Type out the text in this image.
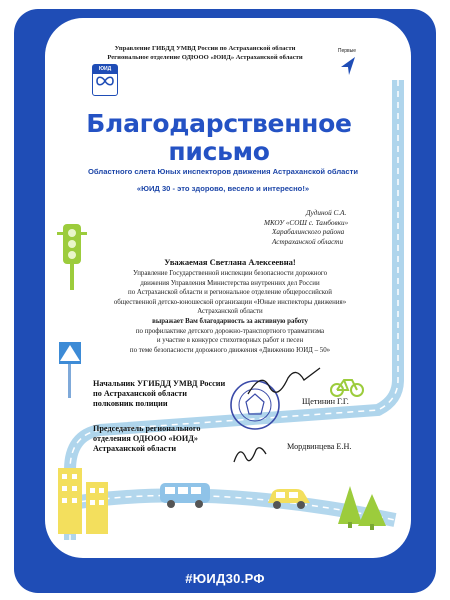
Управление ГИБДД УМВД России по Астраханской области
Региональное отделение ОДЮОО «ЮИД» Астраханской области
ЮИД
Первые
Благодарственное
письмо
Областного слета Юных инспекторов движения Астраханской области
«ЮИД 30 - это здорово, весело и интересно!»
Дудиной С.А.
МКОУ «СОШ с. Тамбовки»
Харабалинского района
Астраханской области
Уважаемая Светлана Алексеевна!
Управление Государственной инспекции безопасности дорожного
движения Управления Министерства внутренних дел России
по Астраханской области и региональное отделение общероссийской
общественной детско-юношеской организации «Юные инспекторы движения»
Астраханской области
выражает Вам благодарность за активную работу
по профилактике детского дорожно-транспортного травматизма
и участие в конкурсе стихотворных работ и песен
по теме безопасности дорожного движения «Движению ЮИД – 50»
Начальник УГИБДД УМВД России
по Астраханской области
полковник полиции	Щетинин Г.Г.
Председатель регионального
отделения ОДЮОО «ЮИД»
Астраханской области	Мордвинцева Е.Н.
#ЮИД30.РФ
